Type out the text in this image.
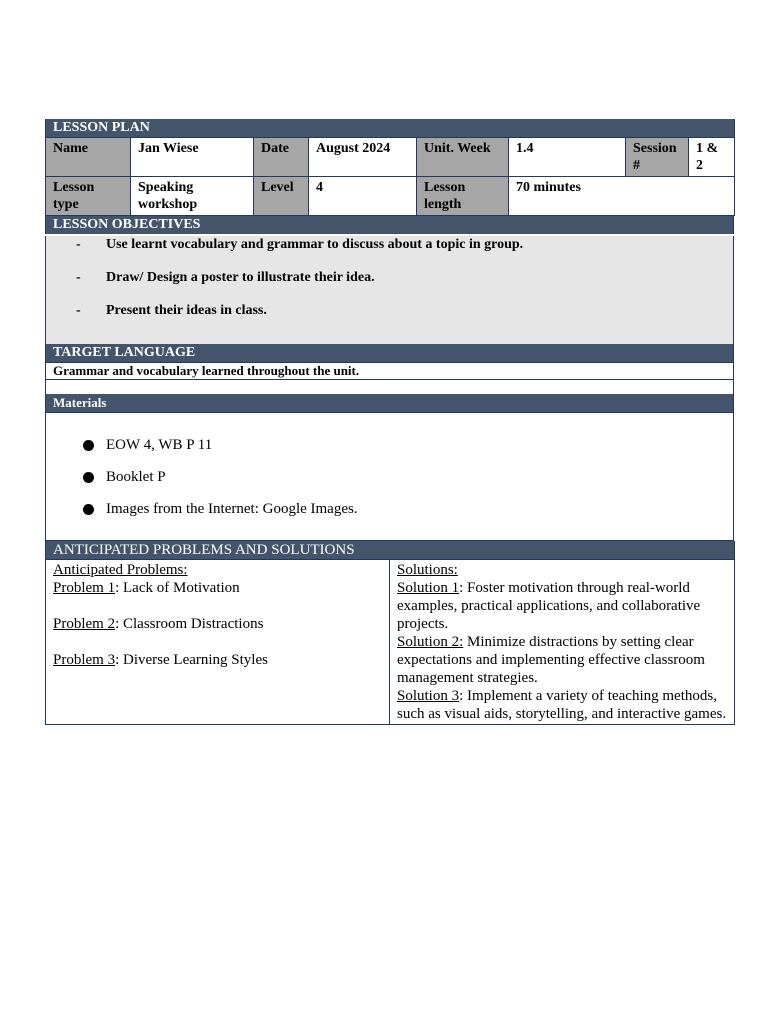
LESSON PLAN							
Name	Jan Wiese	Date	August 2024	Unit. Week	1.4	Session #	1 & 2
Lesson type	Speaking workshop	Level	4	Lesson length	70 minutes		
LESSON OBJECTIVES

- Use learnt vocabulary and grammar to discuss about a topic in group.
- Draw/ Design a poster to illustrate their idea.
- Present their ideas in class.
TARGET LANGUAGE
Grammar and vocabulary learned throughout the unit.

Materials

EOW 4, WB P 11
Booklet P
Images from the Internet: Google Images.
ANTICIPATED PROBLEMS AND SOLUTIONS

Anticipated Problems:
Problem 1: Lack of Motivation
Problem 2: Classroom Distractions
Problem 3: Diverse Learning Styles

Solutions:
Solution 1: Foster motivation through real-world examples, practical applications, and collaborative projects.
Solution 2: Minimize distractions by setting clear expectations and implementing effective classroom management strategies.
Solution 3: Implement a variety of teaching methods, such as visual aids, storytelling, and interactive games.
